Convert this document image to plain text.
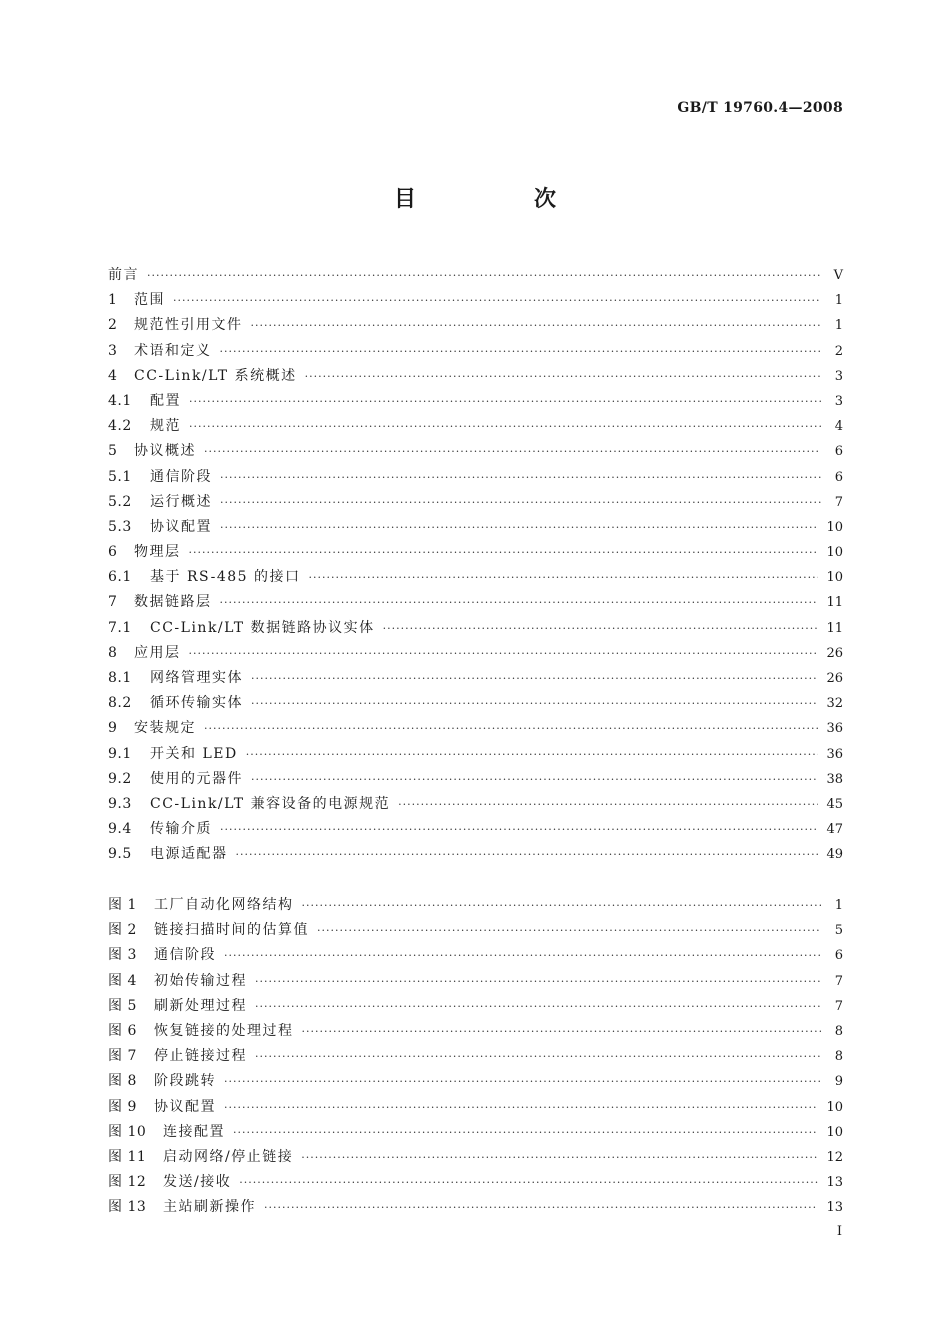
GB/T 19760.4—2008
目　次
前言 ·····	V
1	范围 ·····	1
2	规范性引用文件 ·····	1
3	术语和定义 ·····	2
4	CC-Link/LT 系统概述 ·····	3
4.1	配置 ·····	3
4.2	规范 ·····	4
5	协议概述 ·····	6
5.1	通信阶段 ·····	6
5.2	运行概述 ·····	7
5.3	协议配置 ·····	10
6	物理层 ·····	10
6.1	基于 RS-485 的接口 ·····	10
7	数据链路层 ·····	11
7.1	CC-Link/LT 数据链路协议实体 ·····	11
8	应用层 ·····	26
8.1	网络管理实体 ·····	26
8.2	循环传输实体 ·····	32
9	安装规定 ·····	36
9.1	开关和 LED ·····	36
9.2	使用的元器件 ·····	38
9.3	CC-Link/LT 兼容设备的电源规范 ·····	45
9.4	传输介质 ·····	47
9.5	电源适配器 ·····	49
图 1	工厂自动化网络结构 ·····	1
图 2	链接扫描时间的估算值 ·····	5
图 3	通信阶段 ·····	6
图 4	初始传输过程 ·····	7
图 5	刷新处理过程 ·····	7
图 6	恢复链接的处理过程 ·····	8
图 7	停止链接过程 ·····	8
图 8	阶段跳转 ·····	9
图 9	协议配置 ·····	10
图 10	连接配置 ·····	10
图 11	启动网络/停止链接 ·····	12
图 12	发送/接收 ·····	13
图 13	主站刷新操作 ·····	13
I
